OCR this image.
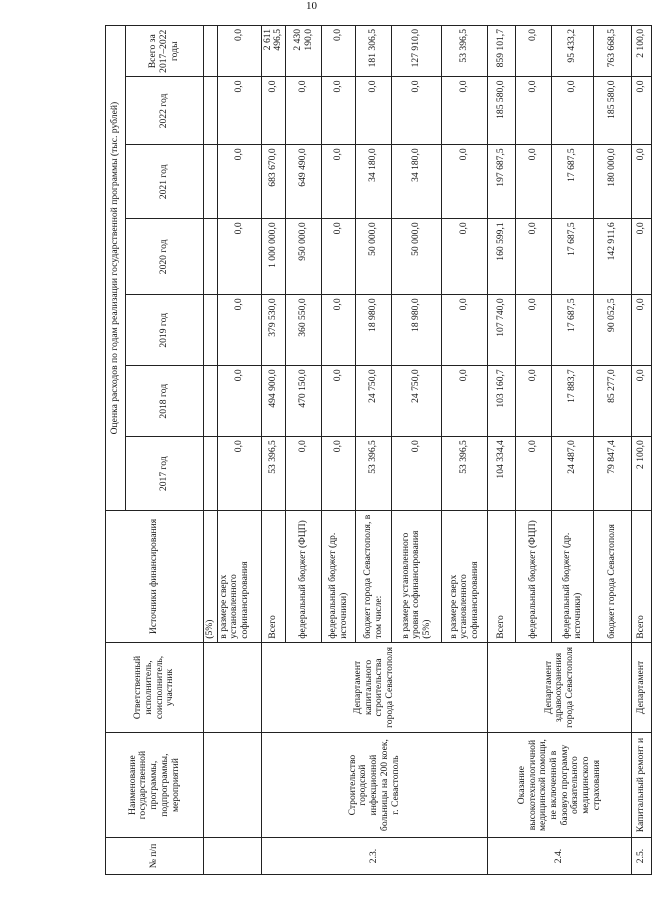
10
№ п/п	Наименование государственной программы, подпрограммы, мероприятий	Ответственный исполнитель, соисполнитель, участник	Источники финансирования	Оценка расходов по годам реализации государственной программы (тыс. рублей)						
				2017 год	2018 год	2019 год	2020 год	2021 год	2022 год	Всего за 2017–2022 годы
			(5%)							
			в размере сверх установленного софинансирования	0,0	0,0	0,0	0,0	0,0	0,0	0,0
2.3.	Строительство городской инфекционной больницы на 200 коек, г. Севастополь	Департамент капитального строительства города Севастополя	Всего	53 396,5	494 900,0	379 530,0	1 000 000,0	683 670,0	0,0	2 611 496,5
			федеральный бюджет (ФЦП)	0,0	470 150,0	360 550,0	950 000,0	649 490,0	0,0	2 430 190,0
			федеральный бюджет (др. источники)	0,0	0,0	0,0	0,0	0,0	0,0	0,0
			бюджет города Севастополя, в том числе:	53 396,5	24 750,0	18 980,0	50 000,0	34 180,0	0,0	181 306,5
			в размере установленного уровня софинансирования (5%)	0,0	24 750,0	18 980,0	50 000,0	34 180,0	0,0	127 910,0
			в размере сверх установленного софинансирования	53 396,5	0,0	0,0	0,0	0,0	0,0	53 396,5
2.4.	Оказание высокотехнологичной медицинской помощи, не включенной в базовую программу обязательного медицинского страхования	Департамент здравоохранения города Севастополя	Всего	104 334,4	103 160,7	107 740,0	160 599,1	197 687,5	185 580,0	859 101,7
			федеральный бюджет (ФЦП)	0,0	0,0	0,0	0,0	0,0	0,0	0,0
			федеральный бюджет (др. источники)	24 487,0	17 883,7	17 687,5	17 687,5	17 687,5	0,0	95 433,2
			бюджет города Севастополя	79 847,4	85 277,0	90 052,5	142 911,6	180 000,0	185 580,0	763 668,5
2.5.	Капитальный ремонт и	Департамент	Всего	2 100,0	0,0	0,0	0,0	0,0	0,0	2 100,0
